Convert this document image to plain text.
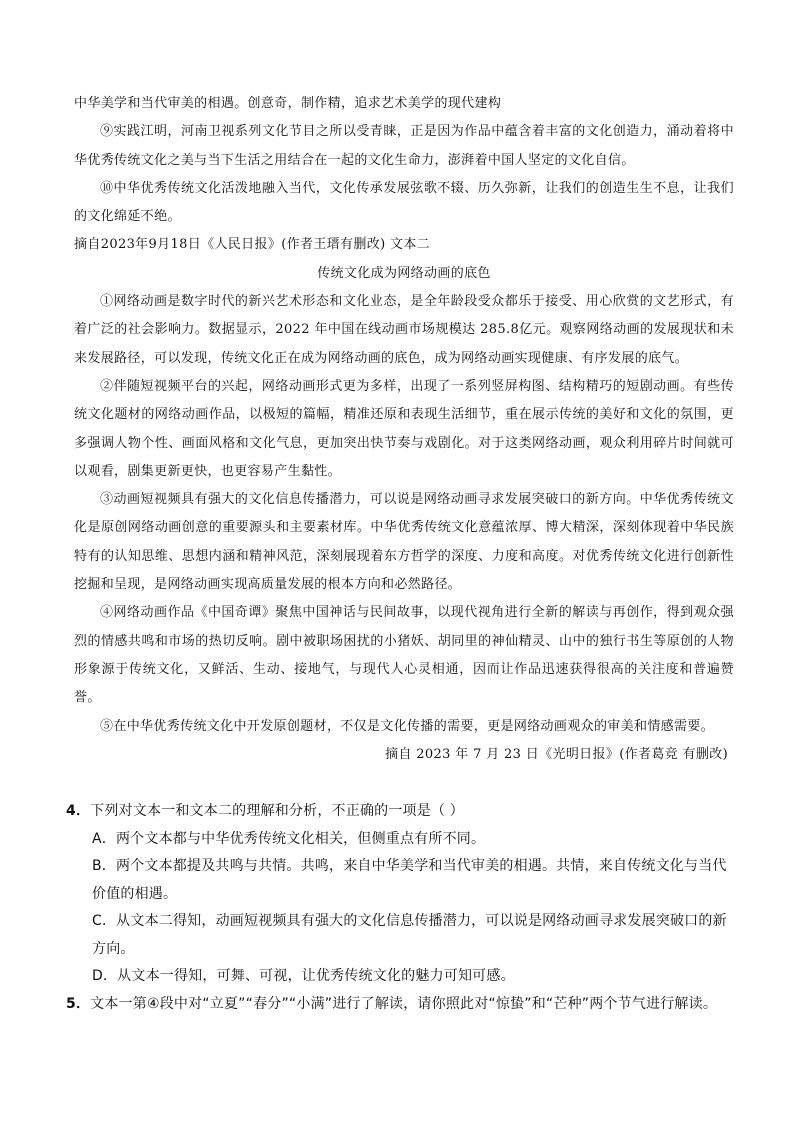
中华美学和当代审美的相遇。创意奇，制作精，追求艺术美学的现代建构

⑨实践江明，河南卫视系列文化节目之所以受青睐，正是因为作品中蕴含着丰富的文化创造力，涌动着将中华优秀传统文化之美与当下生活之用结合在一起的文化生命力，澎湃着中国人坚定的文化自信。

⑩中华优秀传统文化活泼地融入当代，文化传承发展弦歌不辍、历久弥新，让我们的创造生生不息，让我们的文化绵延不绝。

摘自2023年9月18日《人民日报》(作者王瑨有删改) 文本二

传统文化成为网络动画的底色

①网络动画是数字时代的新兴艺术形态和文化业态，是全年龄段受众都乐于接受、用心欣赏的文艺形式，有着广泛的社会影响力。数据显示，2022 年中国在线动画市场规模达 285.8亿元。观察网络动画的发展现状和未来发展路径，可以发现，传统文化正在成为网络动画的底色，成为网络动画实现健康、有序发展的底气。

②伴随短视频平台的兴起，网络动画形式更为多样，出现了一系列竖屏构图、结构精巧的短剧动画。有些传统文化题材的网络动画作品，以极短的篇幅，精准还原和表现生活细节，重在展示传统的美好和文化的氛围，更多强调人物个性、画面风格和文化气息，更加突出快节奏与戏剧化。对于这类网络动画，观众利用碎片时间就可以观看，剧集更新更快，也更容易产生黏性。

③动画短视频具有强大的文化信息传播潜力，可以说是网络动画寻求发展突破口的新方向。中华优秀传统文化是原创网络动画创意的重要源头和主要素材库。中华优秀传统文化意蕴浓厚、博大精深，深刻体现着中华民族特有的认知思维、思想内涵和精神风范，深刻展现着东方哲学的深度、力度和高度。对优秀传统文化进行创新性挖掘和呈现，是网络动画实现高质量发展的根本方向和必然路径。

④网络动画作品《中国奇谭》聚焦中国神话与民间故事，以现代视角进行全新的解读与再创作，得到观众强烈的情感共鸣和市场的热切反响。剧中被职场困扰的小猪妖、胡同里的神仙精灵、山中的独行书生等原创的人物形象源于传统文化，又鲜活、生动、接地气，与现代人心灵相通，因而让作品迅速获得很高的关注度和普遍赞誉。

⑤在中华优秀传统文化中开发原创题材，不仅是文化传播的需要，更是网络动画观众的审美和情感需要。

摘自 2023 年 7 月 23 日《光明日报》(作者葛竞 有删改)

4．下列对文本一和文本二的理解和分析，不正确的一项是（ ）

A．两个文本都与中华优秀传统文化相关，但侧重点有所不同。

B．两个文本都提及共鸣与共情。共鸣，来自中华美学和当代审美的相遇。共情，来自传统文化与当代价值的相遇。

C．从文本二得知，动画短视频具有强大的文化信息传播潜力，可以说是网络动画寻求发展突破口的新方向。

D．从文本一得知，可舞、可视，让优秀传统文化的魅力可知可感。

5．文本一第④段中对“立夏”“春分”“小满”进行了解读，请你照此对“惊蛰”和“芒种”两个节气进行解读。
